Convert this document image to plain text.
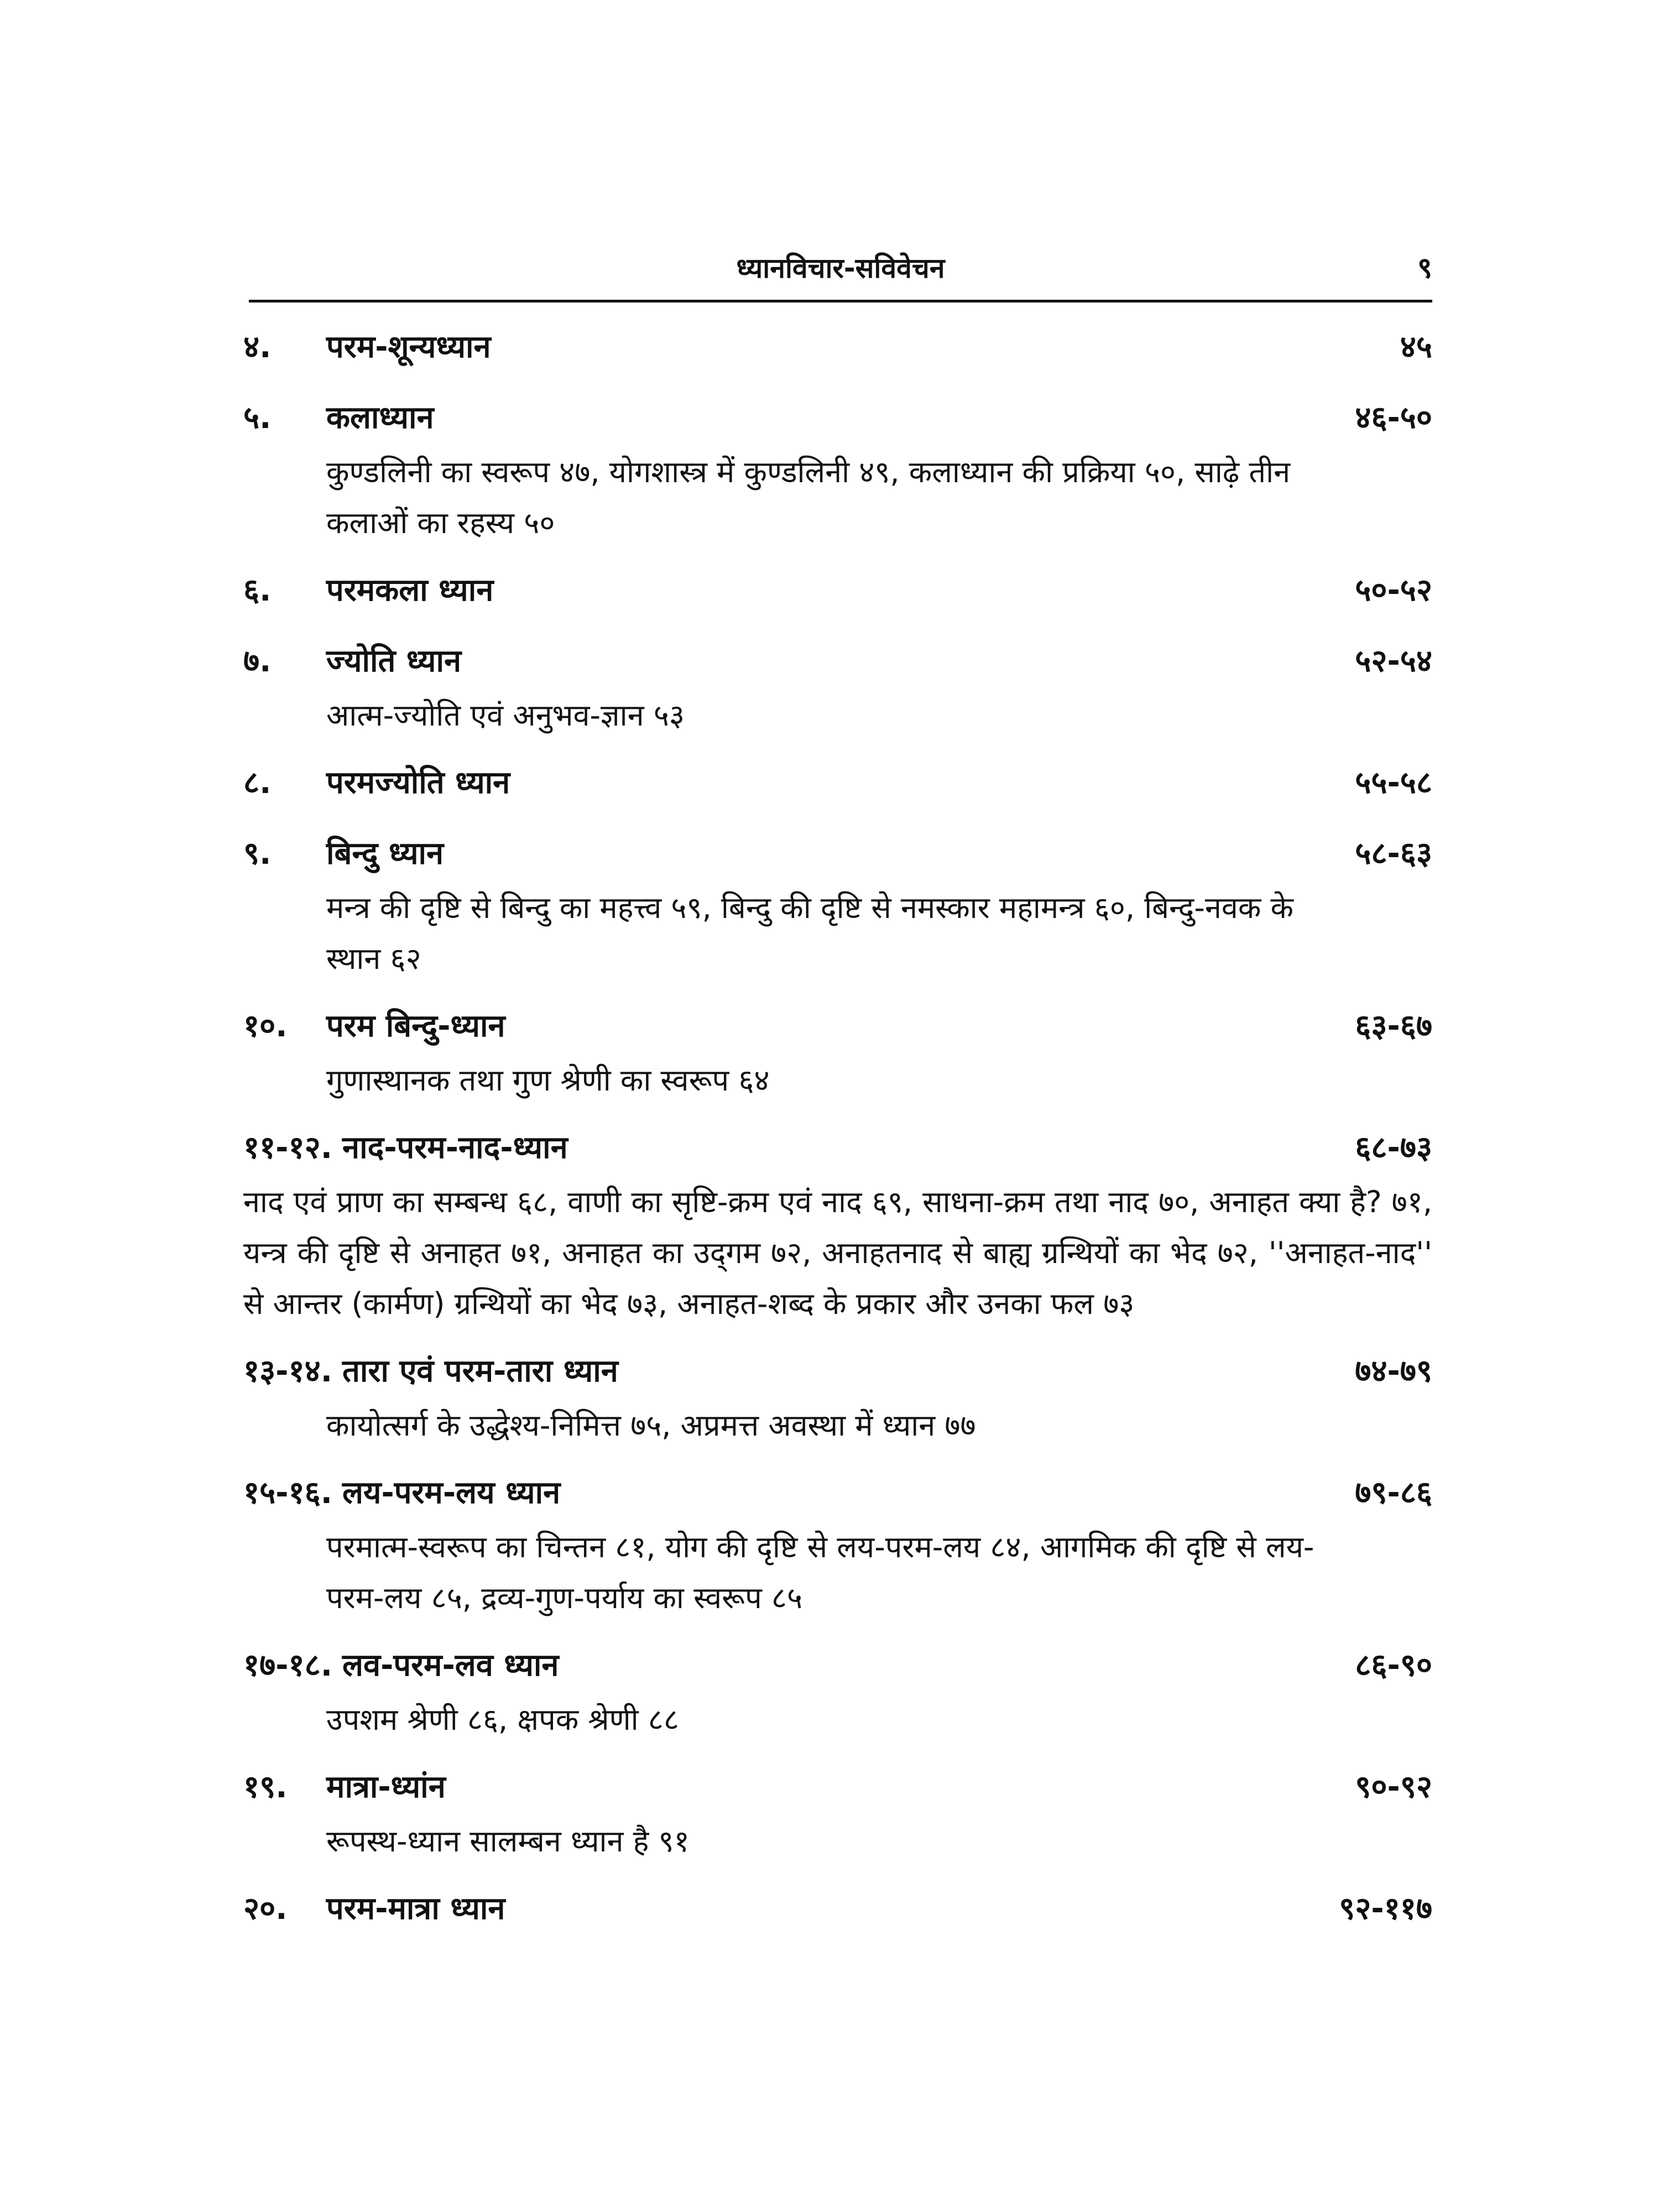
ध्यानविचार-सविवेचन	९
४.	परम-शून्यध्यान	४५
५.	कलाध्यान	४६-५०
कुण्डलिनी का स्वरूप ४७, योगशास्त्र में कुण्डलिनी ४९, कलाध्यान की प्रक्रिया ५०, साढ़े तीन कलाओं का रहस्य ५०
६.	परमकला ध्यान	५०-५२
७.	ज्योति ध्यान	५२-५४
आत्म-ज्योति एवं अनुभव-ज्ञान ५३
८.	परमज्योति ध्यान	५५-५८
९.	बिन्दु ध्यान	५८-६३
मन्त्र की दृष्टि से बिन्दु का महत्त्व ५९, बिन्दु की दृष्टि से नमस्कार महामन्त्र ६०, बिन्दु-नवक के स्थान ६२
१०.	परम बिन्दु-ध्यान	६३-६७
गुणास्थानक तथा गुण श्रेणी का स्वरूप ६४
११-१२. नाद-परम-नाद-ध्यान	६८-७३
नाद एवं प्राण का सम्बन्ध ६८, वाणी का सृष्टि-क्रम एवं नाद ६९, साधना-क्रम तथा नाद ७०, अनाहत क्या है? ७१, यन्त्र की दृष्टि से अनाहत ७१, अनाहत का उद्‌गम ७२, अनाहतनाद से बाह्य ग्रन्थियों का भेद ७२, ''अनाहत-नाद'' से आन्तर (कार्मण) ग्रन्थियों का भेद ७३, अनाहत-शब्द के प्रकार और उनका फल ७३
१३-१४. तारा एवं परम-तारा ध्यान	७४-७९
कायोत्सर्ग के उद्धेश्य-निमित्त ७५, अप्रमत्त अवस्था में ध्यान ७७
१५-१६. लय-परम-लय ध्यान	७९-८६
परमात्म-स्वरूप का चिन्तन ८१, योग की दृष्टि से लय-परम-लय ८४, आगमिक की दृष्टि से लय-परम-लय ८५, द्रव्य-गुण-पर्याय का स्वरूप ८५
१७-१८. लव-परम-लव ध्यान	८६-९०
उपशम श्रेणी ८६, क्षपक श्रेणी ८८
१९.	मात्रा-ध्यांन	९०-९२
रूपस्थ-ध्यान सालम्बन ध्यान है ९१
२०.	परम-मात्रा ध्यान	९२-११७
